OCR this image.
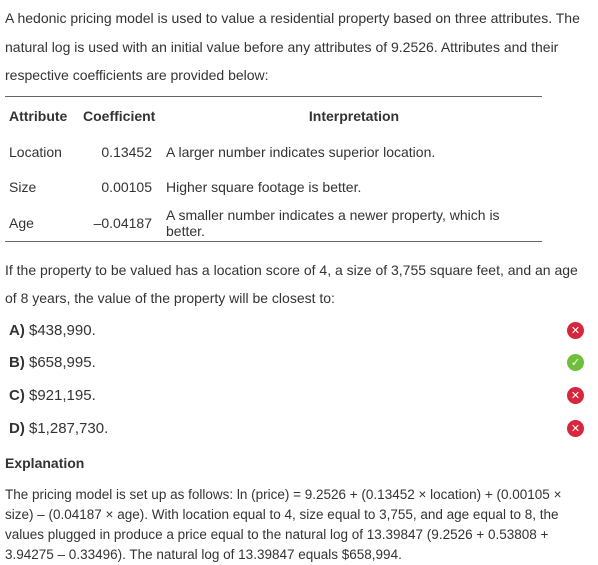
A hedonic pricing model is used to value a residential property based on three attributes. The natural log is used with an initial value before any attributes of 9.2526. Attributes and their respective coefficients are provided below:

Attribute	Coefficient	Interpretation
Location	0.13452	A larger number indicates superior location.
Size	0.00105	Higher square footage is better.
Age	–0.04187	A smaller number indicates a newer property, which is better.

If the property to be valued has a location score of 4, a size of 3,755 square feet, and an age of 8 years, the value of the property will be closest to:

A) $438,990.	✕
B) $658,995.	✓
C) $921,195.	✕
D) $1,287,730.	✕

Explanation

The pricing model is set up as follows: ln (price) = 9.2526 + (0.13452 × location) + (0.00105 × size) – (0.04187 × age). With location equal to 4, size equal to 3,755, and age equal to 8, the values plugged in produce a price equal to the natural log of 13.39847 (9.2526 + 0.53808 + 3.94275 – 0.33496). The natural log of 13.39847 equals $658,994.
